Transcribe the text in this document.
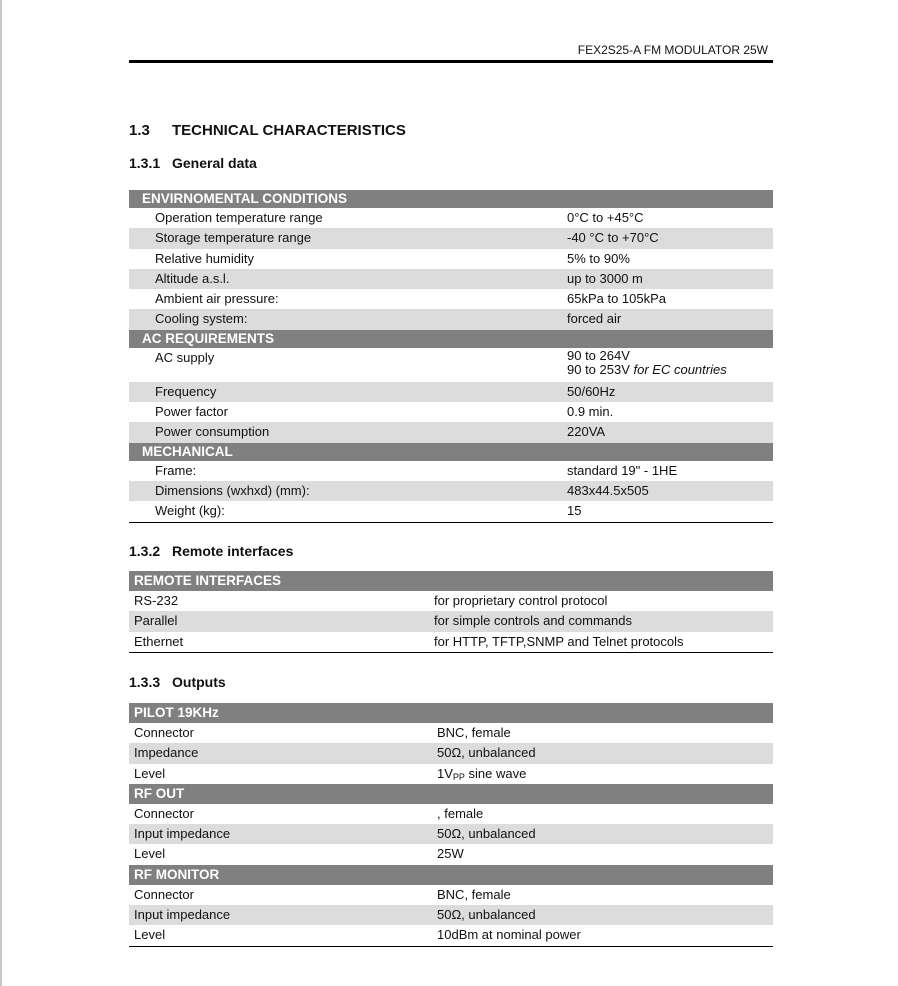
FEX2S25-A FM MODULATOR 25W
1.3 TECHNICAL CHARACTERISTICS
1.3.1 General data
ENVIRNOMENTAL CONDITIONS
Operation temperature range	0°C to +45°C
Storage temperature range	-40 °C to +70°C
Relative humidity	5% to 90%
Altitude a.s.l.	up to 3000 m
Ambient air pressure:	65kPa to 105kPa
Cooling system:	forced air
AC REQUIREMENTS
AC supply	90 to 264V
90 to 253V for EC countries
Frequency	50/60Hz
Power factor	0.9 min.
Power consumption	220VA
MECHANICAL
Frame:	standard 19" - 1HE
Dimensions (wxhxd) (mm):	483x44.5x505
Weight (kg):	15
1.3.2 Remote interfaces
REMOTE INTERFACES
RS-232	for proprietary control protocol
Parallel	for simple controls and commands
Ethernet	for HTTP, TFTP,SNMP and Telnet protocols
1.3.3 Outputs
PILOT 19KHz
Connector	BNC, female
Impedance	50Ω, unbalanced
Level	$1V_{PP}$ sine wave
RF OUT
Connector	, female
Input impedance	50Ω, unbalanced
Level	25W
RF MONITOR
Connector	BNC, female
Input impedance	50Ω, unbalanced
Level	10dBm at nominal power
